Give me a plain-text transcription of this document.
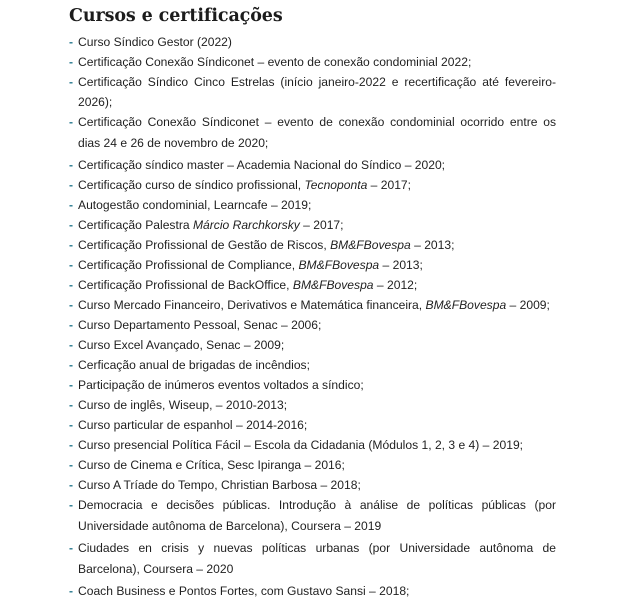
Cursos e certificações
- Curso Síndico Gestor (2022)
- Certificação Conexão Síndiconet – evento de conexão condominial 2022;
- Certificação Síndico Cinco Estrelas (início janeiro-2022 e recertificação até fevereiro-2026);
- Certificação Conexão Síndiconet – evento de conexão condominial ocorrido entre os dias 24 e 26 de novembro de 2020;
- Certificação síndico master – Academia Nacional do Síndico – 2020;
- Certificação curso de síndico profissional, Tecnoponta – 2017;
- Autogestão condominial, Learncafe – 2019;
- Certificação Palestra Márcio Rarchkorsky – 2017;
- Certificação Profissional de Gestão de Riscos, BM&FBovespa – 2013;
- Certificação Profissional de Compliance, BM&FBovespa – 2013;
- Certificação Profissional de BackOffice, BM&FBovespa – 2012;
- Curso Mercado Financeiro, Derivativos e Matemática financeira, BM&FBovespa – 2009;
- Curso Departamento Pessoal, Senac – 2006;
- Curso Excel Avançado, Senac – 2009;
- Cerficação anual de brigadas de incêndios;
- Participação de inúmeros eventos voltados a síndico;
- Curso de inglês, Wiseup, – 2010-2013;
- Curso particular de espanhol – 2014-2016;
- Curso presencial Política Fácil – Escola da Cidadania (Módulos 1, 2, 3 e 4) – 2019;
- Curso de Cinema e Crítica, Sesc Ipiranga – 2016;
- Curso A Tríade do Tempo, Christian Barbosa – 2018;
- Democracia e decisões públicas. Introdução à análise de políticas públicas (por Universidade autônoma de Barcelona), Coursera – 2019
- Ciudades en crisis y nuevas políticas urbanas (por Universidade autônoma de Barcelona), Coursera – 2020
- Coach Business e Pontos Fortes, com Gustavo Sansi – 2018;
